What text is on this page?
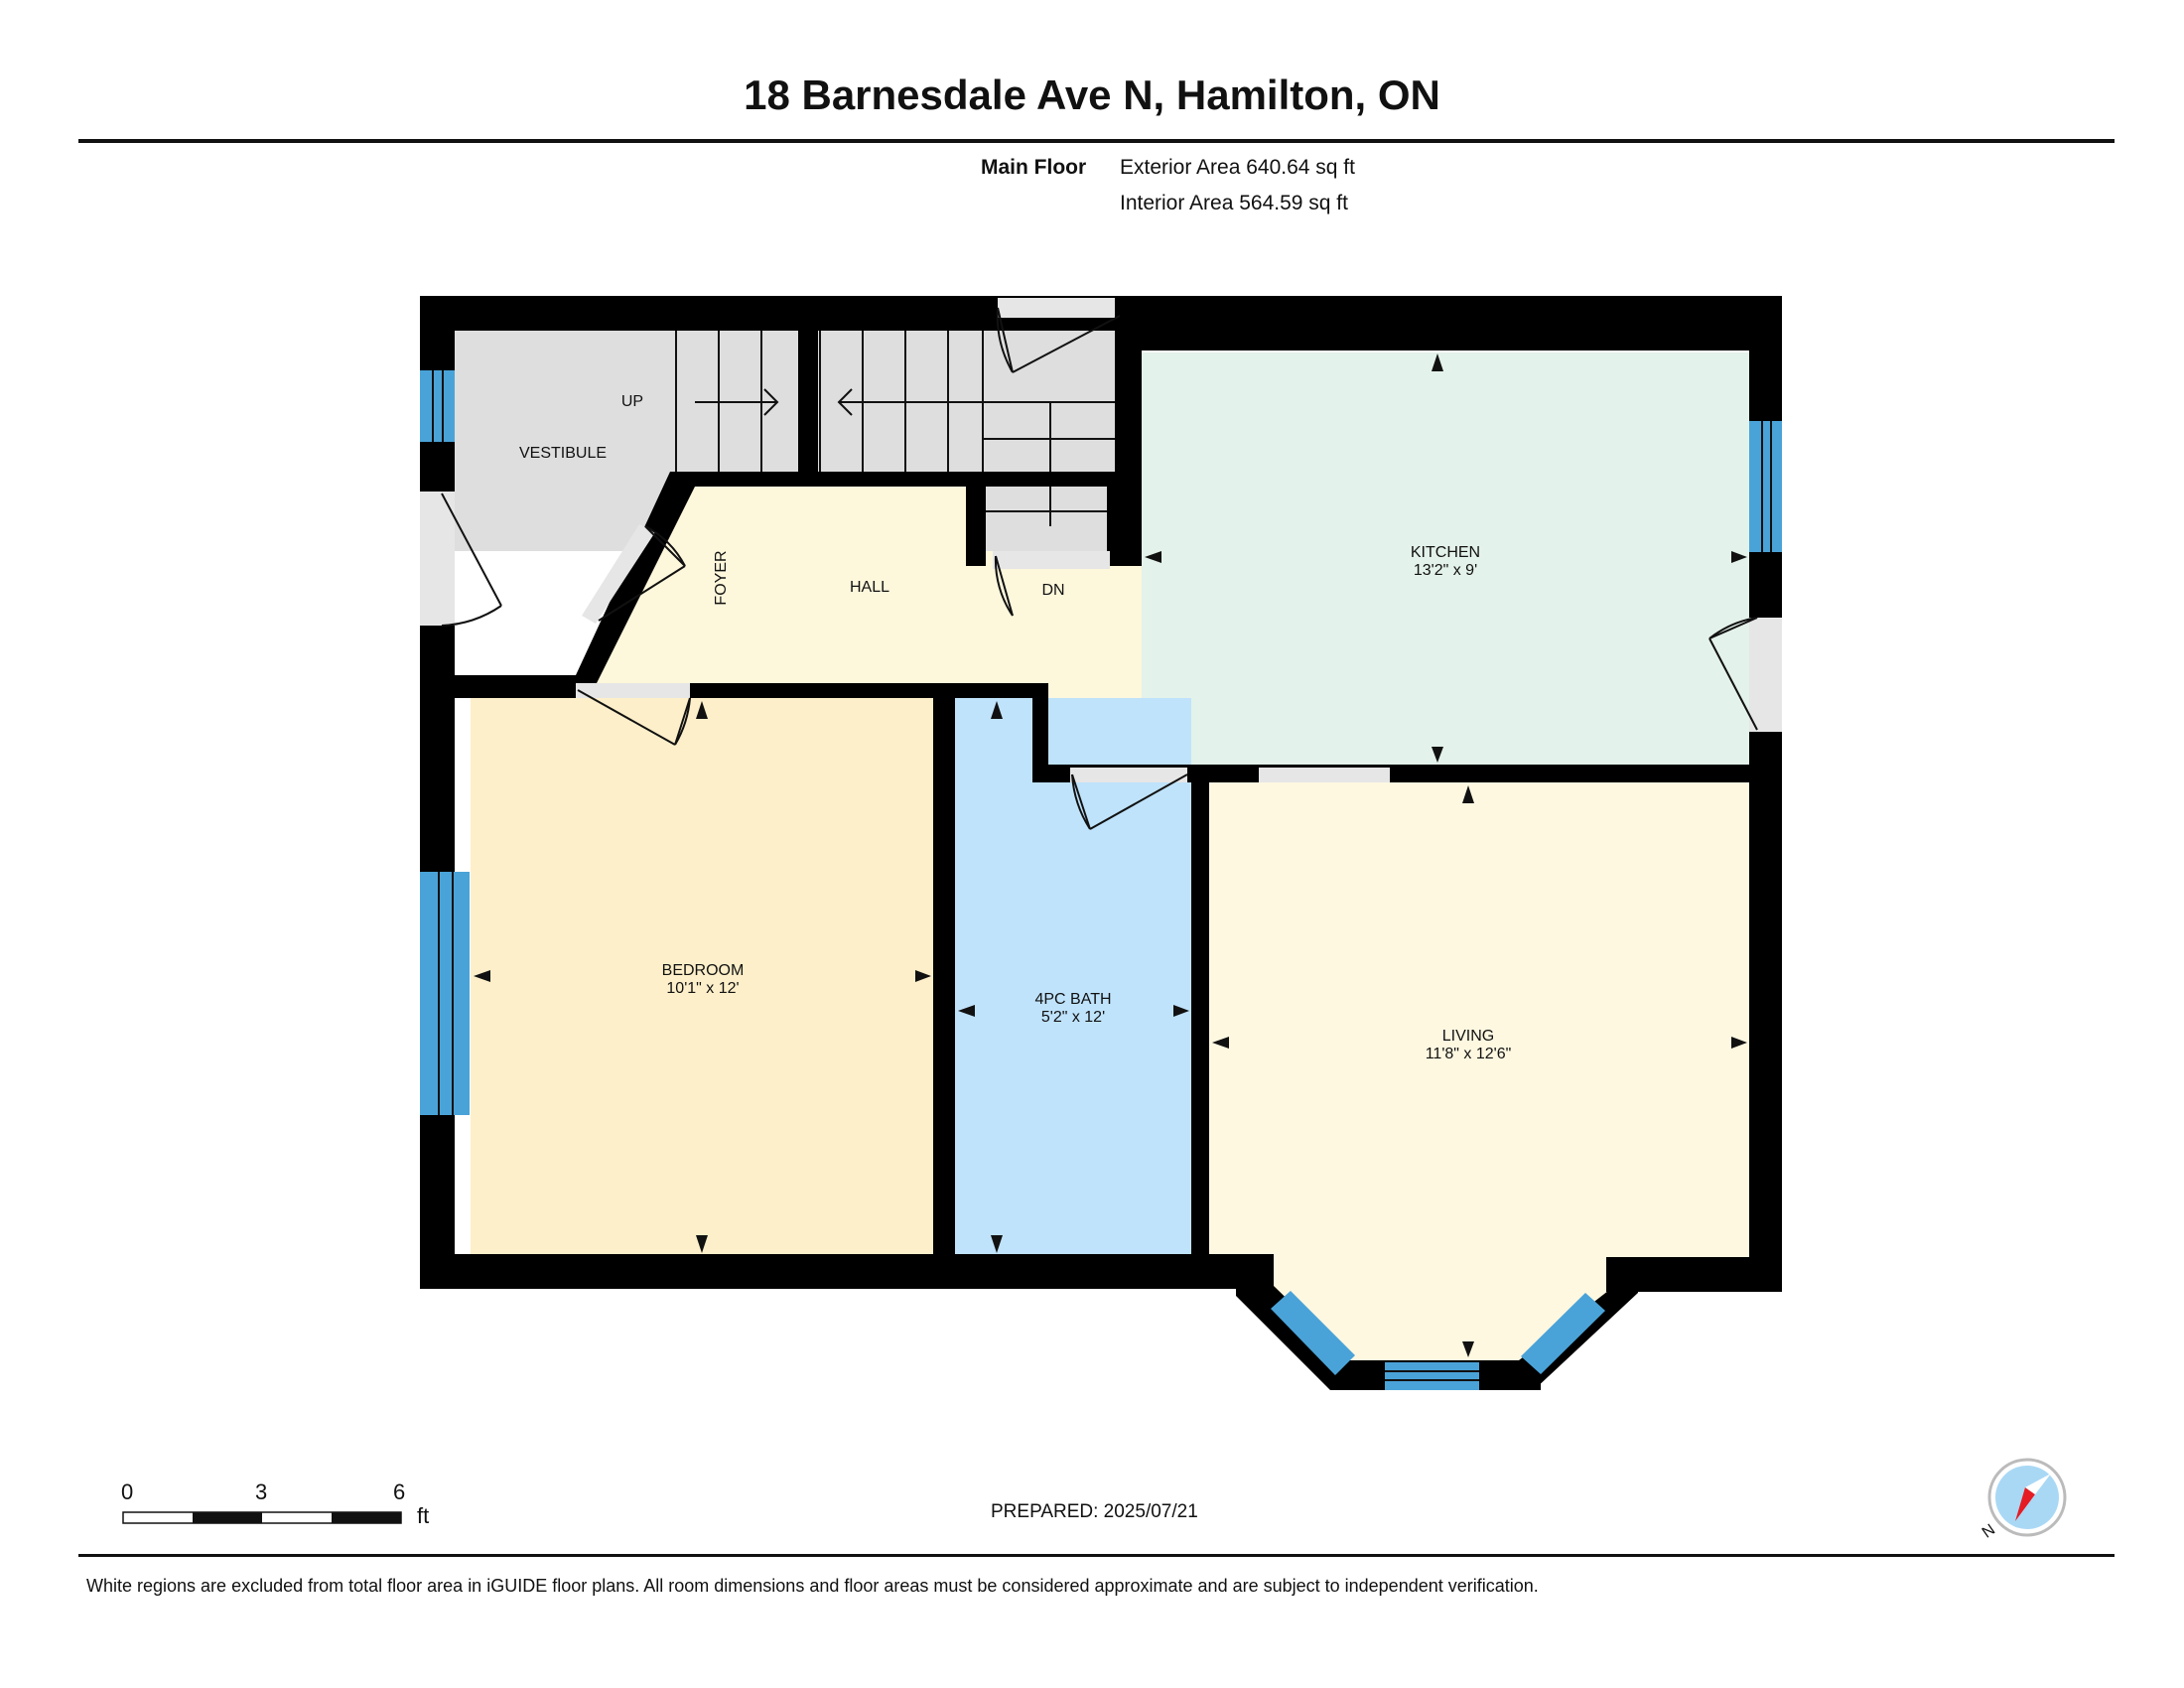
18 Barnesdale Ave N, Hamilton, ON
Main Floor Exterior Area 640.64 sq ft
Interior Area 564.59 sq ft
VESTIBULE
UP
FOYER	HALL	DN
KITCHEN
13'2" x 9'
BEDROOM
10'1" x 12'
4PC BATH
5'2" x 12'
LIVING
11'8" x 12'6"
N
0	3	6
ft	PREPARED: 2025/07/21
White regions are excluded from total floor area in iGUIDE floor plans. All room dimensions and floor areas must be considered approximate and are subject to independent verification.
